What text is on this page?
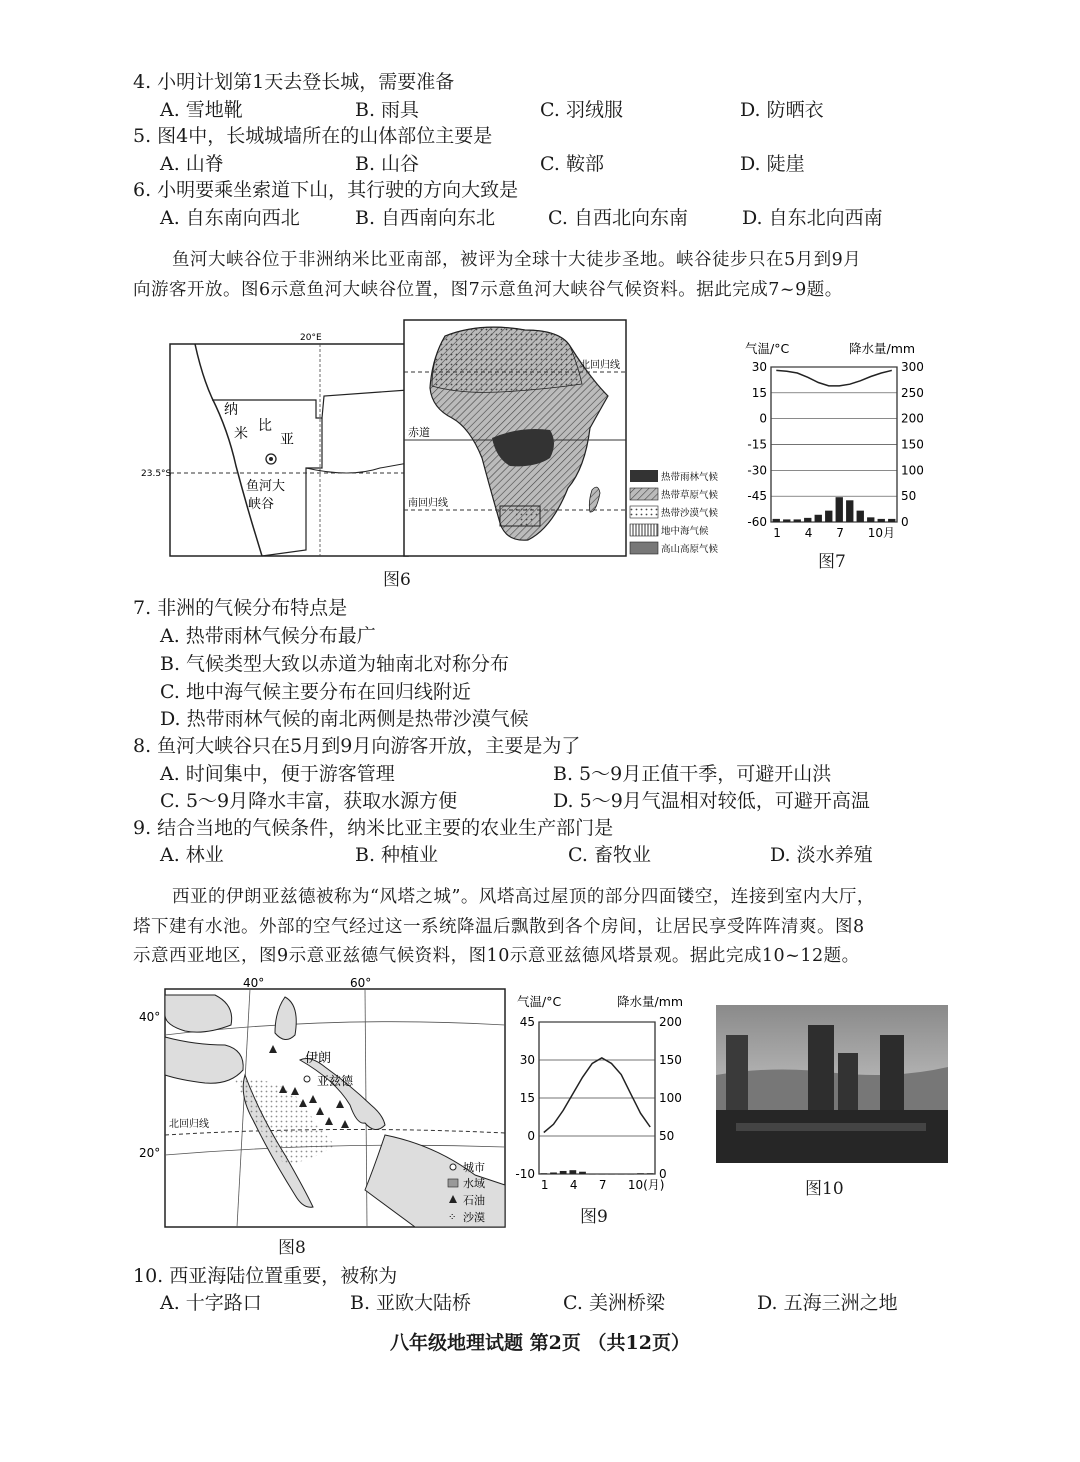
4. 小明计划第1天去登长城，需要准备
A. 雪地靴	B. 雨具	C. 羽绒服	D. 防晒衣
5. 图4中，长城城墙所在的山体部位主要是
A. 山脊	B. 山谷	C. 鞍部	D. 陡崖
6. 小明要乘坐索道下山，其行驶的方向大致是
A. 自东南向西北	B. 自西南向东北	C. 自西北向东南	D. 自东北向西南
鱼河大峡谷位于非洲纳米比亚南部，被评为全球十大徒步圣地。峡谷徒步只在5月到9月
向游客开放。图6示意鱼河大峡谷位置，图7示意鱼河大峡谷气候资料。据此完成7~9题。
20°E
23.5°S
纳
米 比
亚
鱼河大
峡谷
北回归线
赤道
南回归线
热带雨林气候
热带草原气候
热带沙漠气候
地中海气候
高山高原气候
图6
气温/°C	降水量/mm
30	300
15	250
0	200
-15	150
-30	100
-45	50
-60	0
1 4 7 10月
图7
7. 非洲的气候分布特点是
A. 热带雨林气候分布最广
B. 气候类型大致以赤道为轴南北对称分布
C. 地中海气候主要分布在回归线附近
D. 热带雨林气候的南北两侧是热带沙漠气候
8. 鱼河大峡谷只在5月到9月向游客开放，主要是为了
A. 时间集中，便于游客管理	B. 5～9月正值干季，可避开山洪
C. 5～9月降水丰富，获取水源方便	D. 5～9月气温相对较低，可避开高温
9. 结合当地的气候条件，纳米比亚主要的农业生产部门是
A. 林业	B. 种植业	C. 畜牧业	D. 淡水养殖
西亚的伊朗亚兹德被称为“风塔之城”。风塔高过屋顶的部分四面镂空，连接到室内大厅，
塔下建有水池。外部的空气经过这一系统降温后飘散到各个房间，让居民享受阵阵清爽。图8
示意西亚地区，图9示意亚兹德气候资料，图10示意亚兹德风塔景观。据此完成10~12题。
⁘
40°	60°
40°
20°
伊朗
亚兹德
北回归线
城市
水域
石油
沙漠
图8
气温/°C	降水量/mm
45	200
30	150
15	100
0	50
-10	0
1 4 7 10(月)
图9
图10
10. 西亚海陆位置重要，被称为
A. 十字路口	B. 亚欧大陆桥	C. 美洲桥梁	D. 五海三洲之地
八年级地理试题 第2页 （共12页）
